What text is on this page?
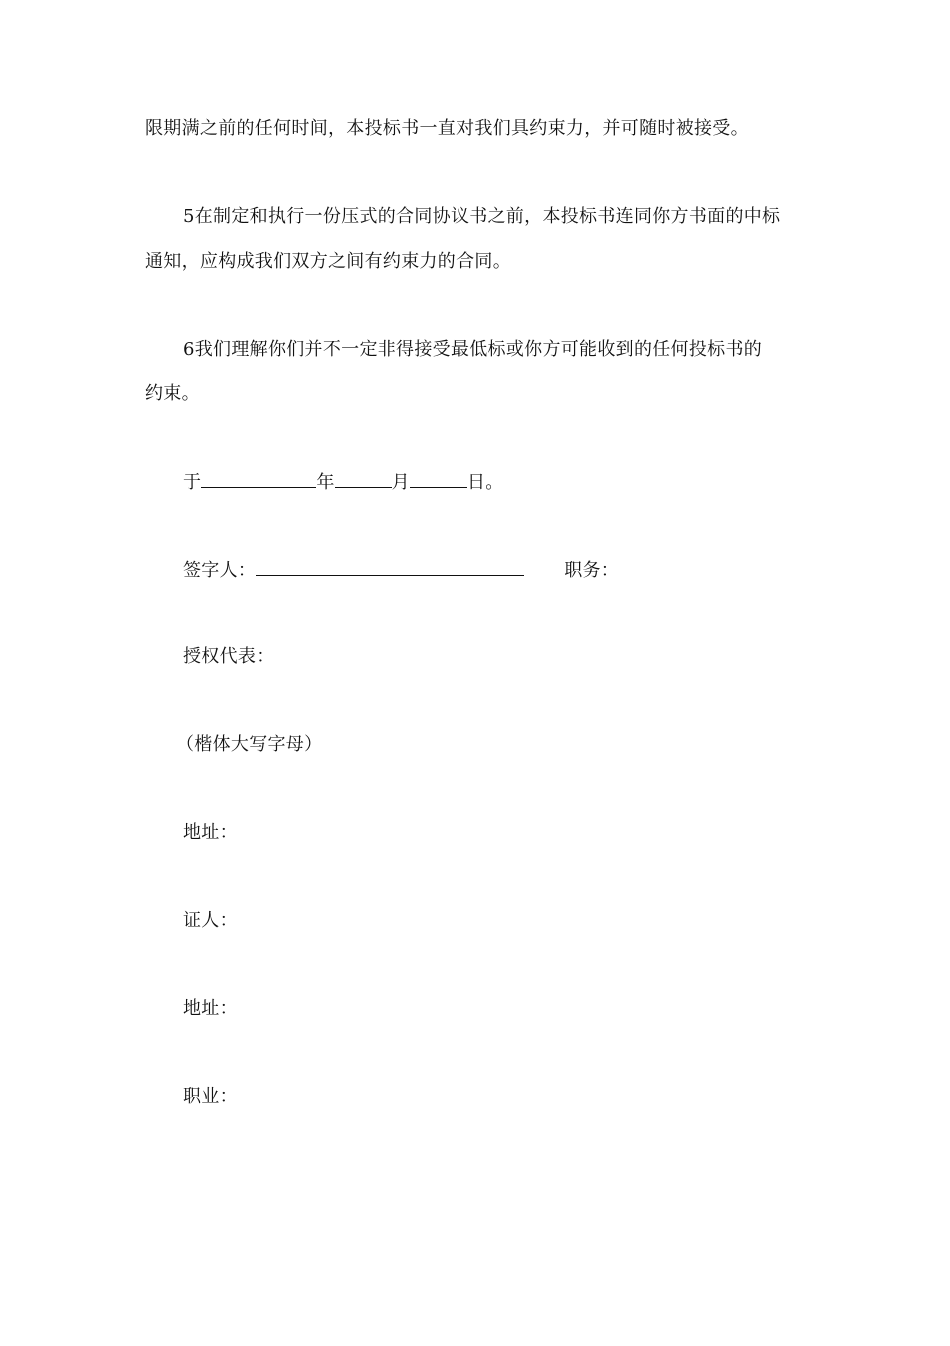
限期满之前的任何时间，本投标书一直对我们具约束力，并可随时被接受。
5在制定和执行一份压式的合同协议书之前，本投标书连同你方书面的中标
通知，应构成我们双方之间有约束力的合同。
6我们理解你们并不一定非得接受最低标或你方可能收到的任何投标书的
约束。
于	年	月	日。
签字人：	职务：
授权代表：
（楷体大写字母）
地址：
证人：
地址：
职业：
